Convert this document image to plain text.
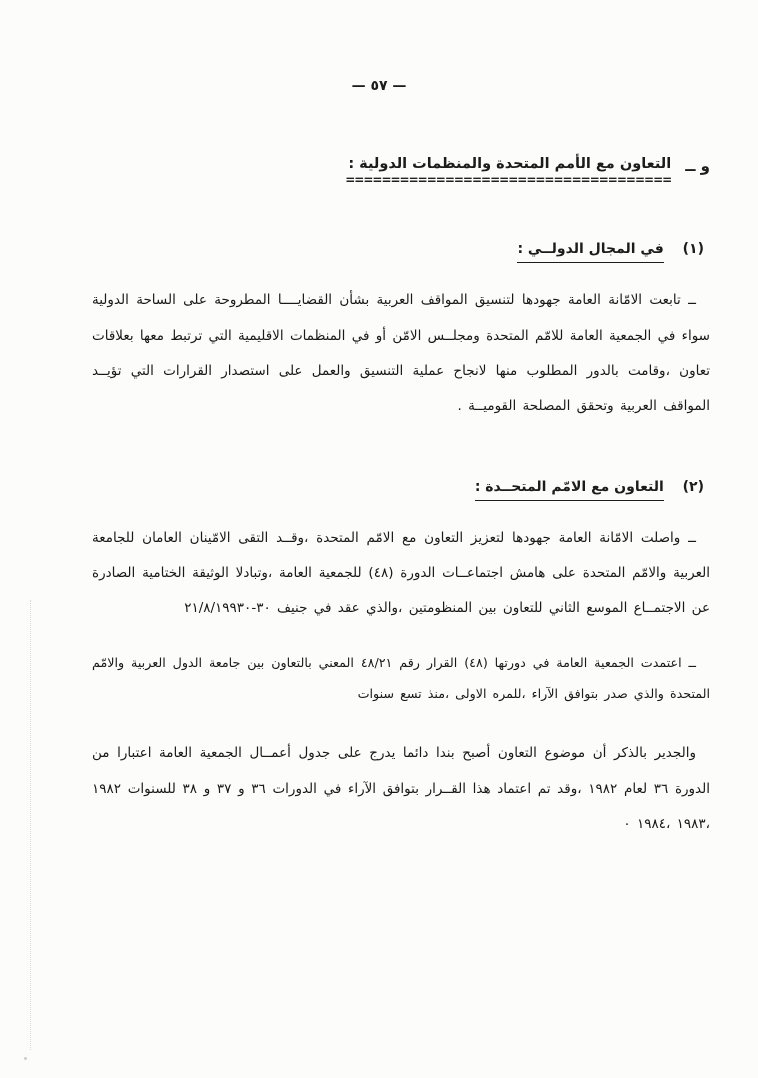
— ٥٧ —
و ــ
التعاون مع الأمم المتحدة والمنظمات الدولية :
====================================
(١) في المجال الدولــي :

ــ تابعت الامّانة العامة جهودها لتنسيق المواقف العربية بشأن القضايــــا المطروحة على الساحة الدولية سواء في الجمعية العامة للامّم المتحدة ومجلــس الامّن أو في المنظمات الاقليمية التي ترتبط معها بعلاقات تعاون ،وقامت بالدور المطلوب منها لانجاح عملية التنسيق والعمل على استصدار القرارات التي تؤيــد المواقف العربية وتحقق المصلحة القوميــة .

(٢) التعاون مع الامّم المتحــدة :

ــ واصلت الامّانة العامة جهودها لتعزيز التعاون مع الامّم المتحدة ،وقــد التقى الامّينان العامان للجامعة العربية والامّم المتحدة على هامش اجتماعــات الدورة (٤٨) للجمعية العامة ،وتبادلا الوثيقة الختامية الصادرة عن الاجتمــاع الموسع الثاني للتعاون بين المنظومتين ،والذي عقد في جنيف ٣٠-٢١/٨/١٩٩٣٠

ــ اعتمدت الجمعية العامة في دورتها (٤٨) القرار رقم ٤٨/٢١ المعني بالتعاون بين جامعة الدول العربية والامّم المتحدة والذي صدر بتوافق الآراء ،للمره الاولى ،منذ تسع سنوات

والجدير بالذكر أن موضوع التعاون أصبح بندا دائما يدرج على جدول أعمــال الجمعية العامة اعتبارا من الدورة ٣٦ لعام ١٩٨٢ ،وقد تم اعتماد هذا القــرار بتوافق الآراء في الدورات ٣٦ و ٣٧ و ٣٨ للسنوات ١٩٨٢ ،١٩٨٣ ،١٩٨٤ ٠
